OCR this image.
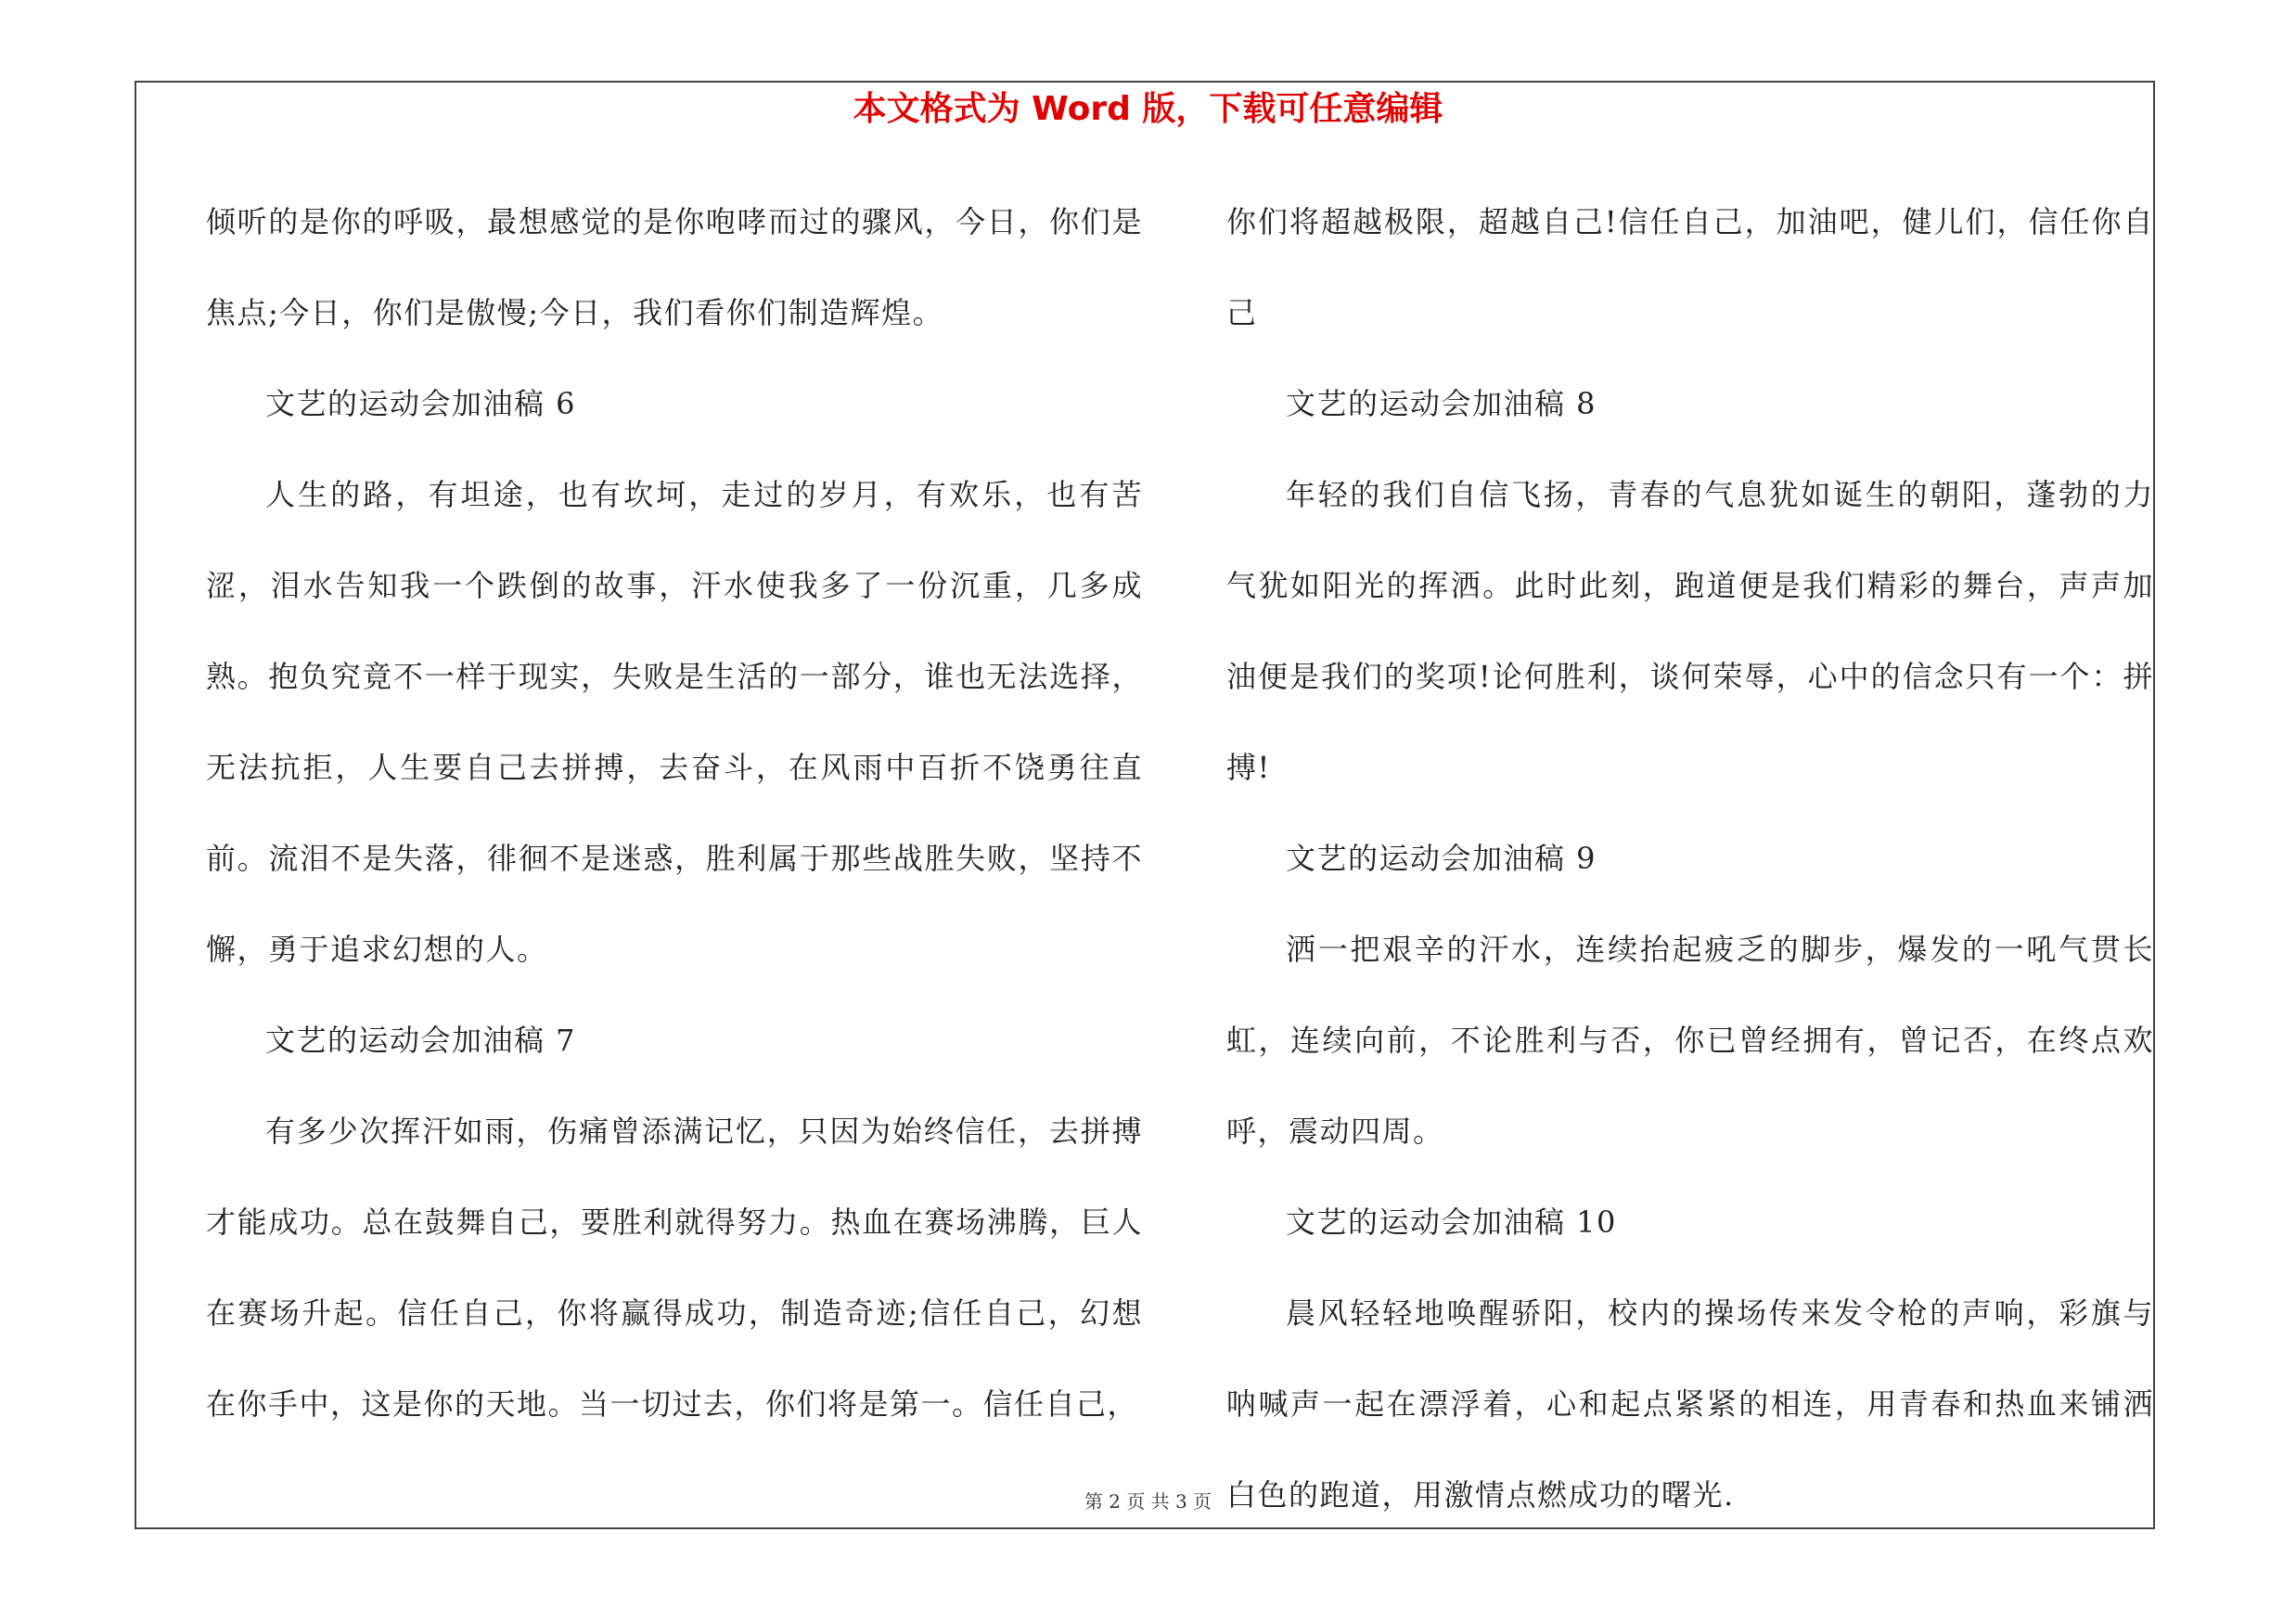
本文格式为 Word 版，下载可任意编辑

倾听的是你的呼吸，最想感觉的是你咆哮而过的骤风，今日，你们是焦点;今日，你们是傲慢;今日，我们看你们制造辉煌。

文艺的运动会加油稿 6

人生的路，有坦途，也有坎坷，走过的岁月，有欢乐，也有苦涩，泪水告知我一个跌倒的故事，汗水使我多了一份沉重，几多成熟。抱负究竟不一样于现实，失败是生活的一部分，谁也无法选择，无法抗拒，人生要自己去拼搏，去奋斗，在风雨中百折不饶勇往直前。流泪不是失落，徘徊不是迷惑，胜利属于那些战胜失败，坚持不懈，勇于追求幻想的人。

文艺的运动会加油稿 7

有多少次挥汗如雨，伤痛曾添满记忆，只因为始终信任，去拼搏才能成功。总在鼓舞自己，要胜利就得努力。热血在赛场沸腾，巨人在赛场升起。信任自己，你将赢得成功，制造奇迹;信任自己，幻想在你手中，这是你的天地。当一切过去，你们将是第一。信任自己，

你们将超越极限，超越自己!信任自己，加油吧，健儿们，信任你自己

文艺的运动会加油稿 8

年轻的我们自信飞扬，青春的气息犹如诞生的朝阳，蓬勃的力气犹如阳光的挥洒。此时此刻，跑道便是我们精彩的舞台，声声加油便是我们的奖项!论何胜利，谈何荣辱，心中的信念只有一个：拼搏!

文艺的运动会加油稿 9

洒一把艰辛的汗水，连续抬起疲乏的脚步，爆发的一吼气贯长虹，连续向前，不论胜利与否，你已曾经拥有，曾记否，在终点欢呼，震动四周。

文艺的运动会加油稿 10

晨风轻轻地唤醒骄阳，校内的操场传来发令枪的声响，彩旗与呐喊声一起在漂浮着，心和起点紧紧的相连，用青春和热血来铺洒白色的跑道，用激情点燃成功的曙光.

第 2 页 共 3 页
